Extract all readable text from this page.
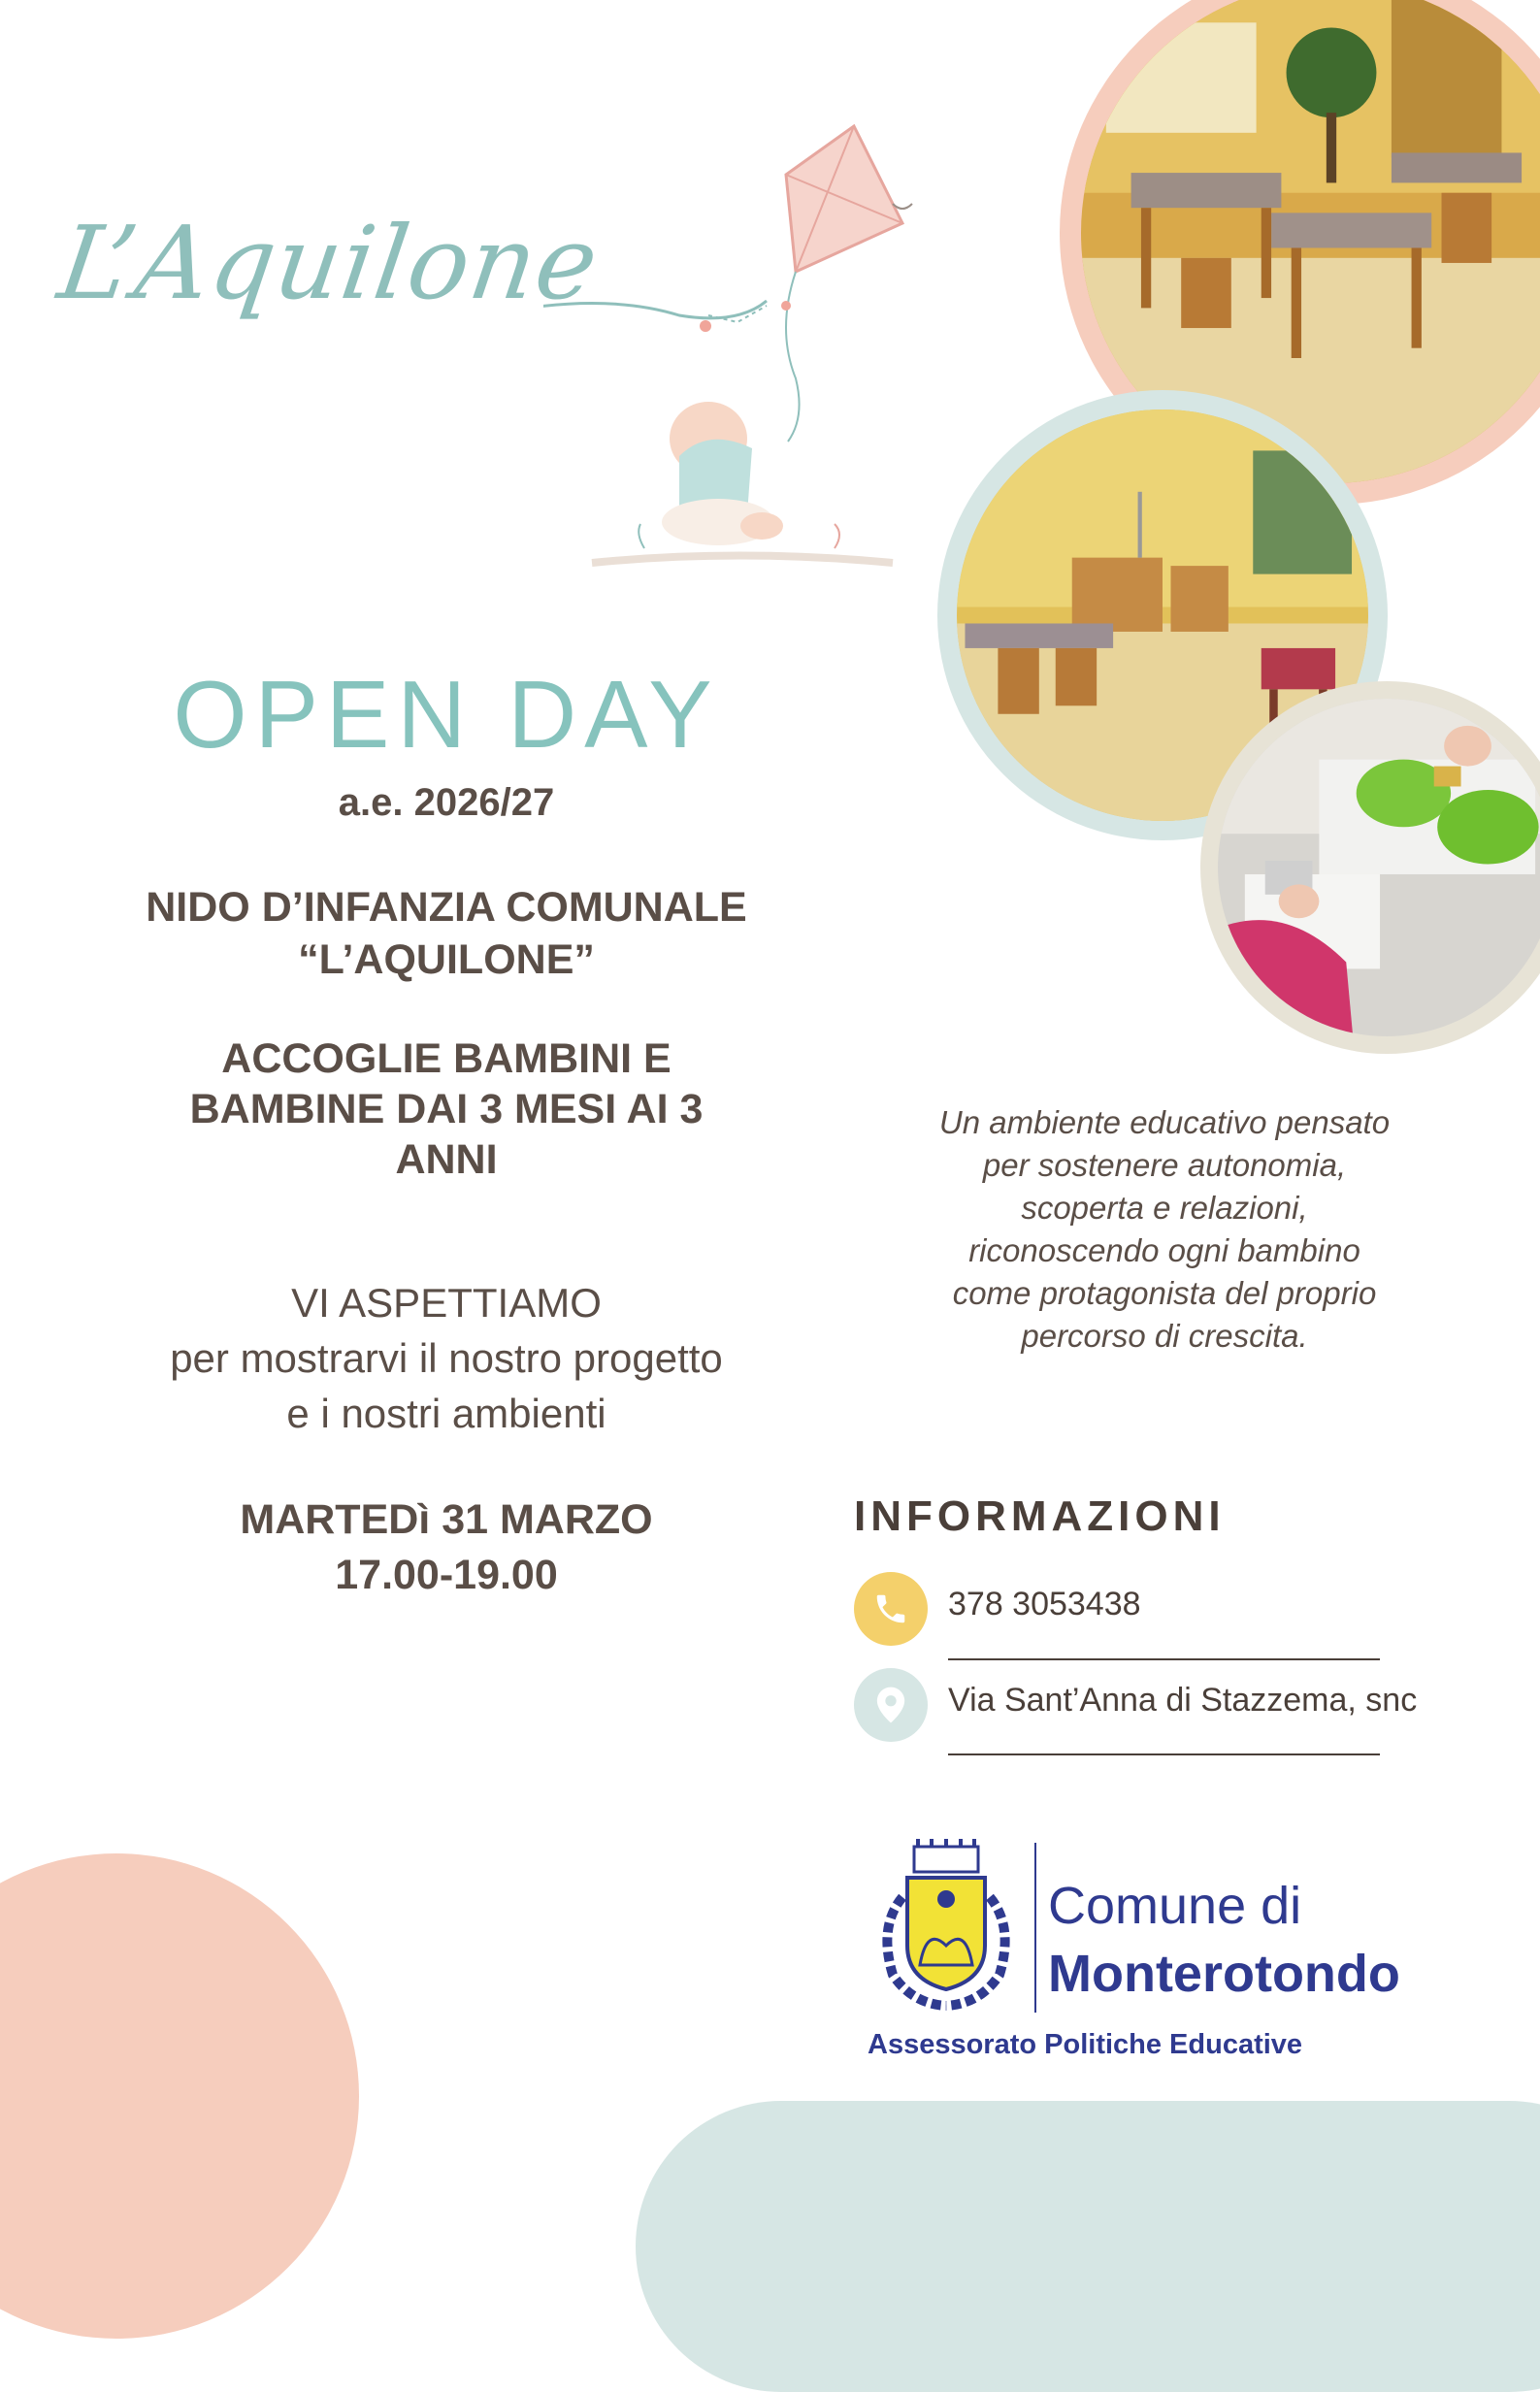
L’Aquilone
OPEN DAY
a.e. 2026/27
NIDO D’INFANZIA COMUNALE
“L’AQUILONE”
ACCOGLIE BAMBINI E BAMBINE DAI 3 MESI AI 3 ANNI
VI ASPETTIAMO
per mostrarvi il nostro progetto
e i nostri ambienti
MARTEDì 31 MARZO
17.00-19.00
Un ambiente educativo pensato
per sostenere autonomia,
scoperta e relazioni,
riconoscendo ogni bambino
come protagonista del proprio
percorso di crescita.
INFORMAZIONI
378 3053438
Via Sant’Anna di Stazzema, snc
Comune di
Monterotondo
Assessorato Politiche Educative
